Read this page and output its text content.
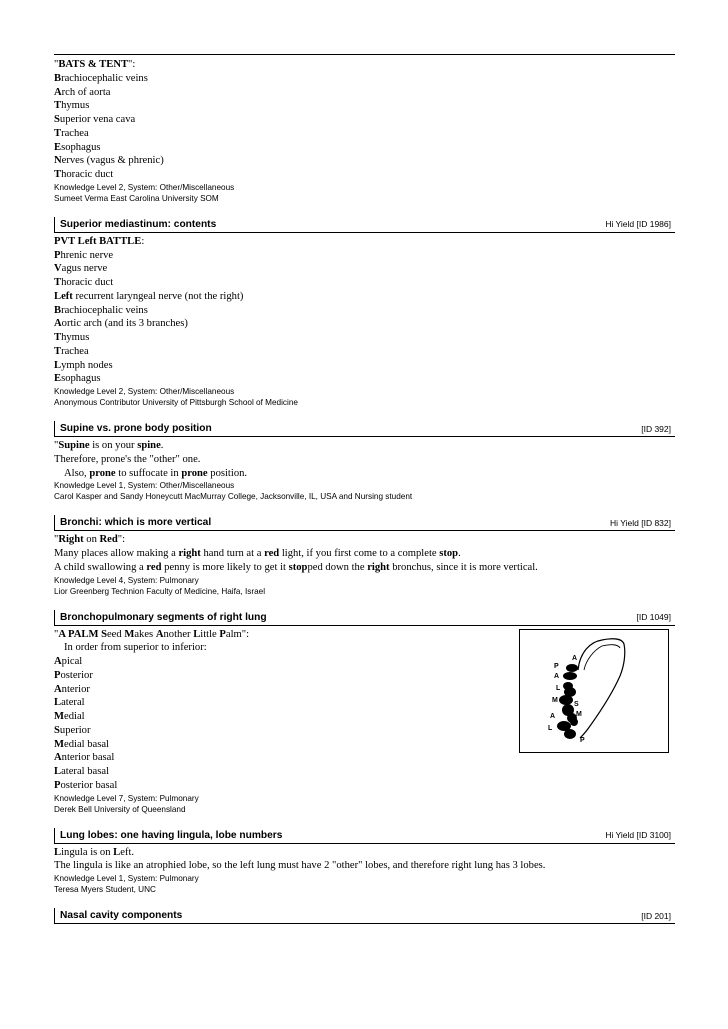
"BATS & TENT":
Brachiocephalic veins
Arch of aorta
Thymus
Superior vena cava
Trachea
Esophagus
Nerves (vagus & phrenic)
Thoracic duct
Knowledge Level 2, System: Other/Miscellaneous
Sumeet Verma East Carolina University SOM
Superior mediastinum: contents	Hi Yield [ID 1986]
PVT Left BATTLE:
Phrenic nerve
Vagus nerve
Thoracic duct
Left recurrent laryngeal nerve (not the right)
Brachiocephalic veins
Aortic arch (and its 3 branches)
Thymus
Trachea
Lymph nodes
Esophagus
Knowledge Level 2, System: Other/Miscellaneous
Anonymous Contributor University of Pittsburgh School of Medicine
Supine vs. prone body position	[ID 392]
"Supine is on your spine.
Therefore, prone's the "other" one.
Also, prone to suffocate in prone position.
Knowledge Level 1, System: Other/Miscellaneous
Carol Kasper and Sandy Honeycutt MacMurray College, Jacksonville, IL, USA and Nursing student
Bronchi: which is more vertical	Hi Yield [ID 832]
"Right on Red":
Many places allow making a right hand turn at a red light, if you first come to a complete stop.
A child swallowing a red penny is more likely to get it stopped down the right bronchus, since it is more vertical.
Knowledge Level 4, System: Pulmonary
Lior Greenberg Technion Faculty of Medicine, Haifa, Israel
Bronchopulmonary segments of right lung	[ID 1049]
A
P
A
L
M
S
M
A
L
P
"A PALM Seed Makes Another Little Palm":
In order from superior to inferior:
Apical
Posterior
Anterior
Lateral
Medial
Superior
Medial basal
Anterior basal
Lateral basal
Posterior basal
Knowledge Level 7, System: Pulmonary
Derek Bell University of Queensland
Lung lobes: one having lingula, lobe numbers	Hi Yield [ID 3100]
Lingula is on Left.
The lingula is like an atrophied lobe, so the left lung must have 2 "other" lobes, and therefore right lung has 3 lobes.
Knowledge Level 1, System: Pulmonary
Teresa Myers Student, UNC
Nasal cavity components	[ID 201]
